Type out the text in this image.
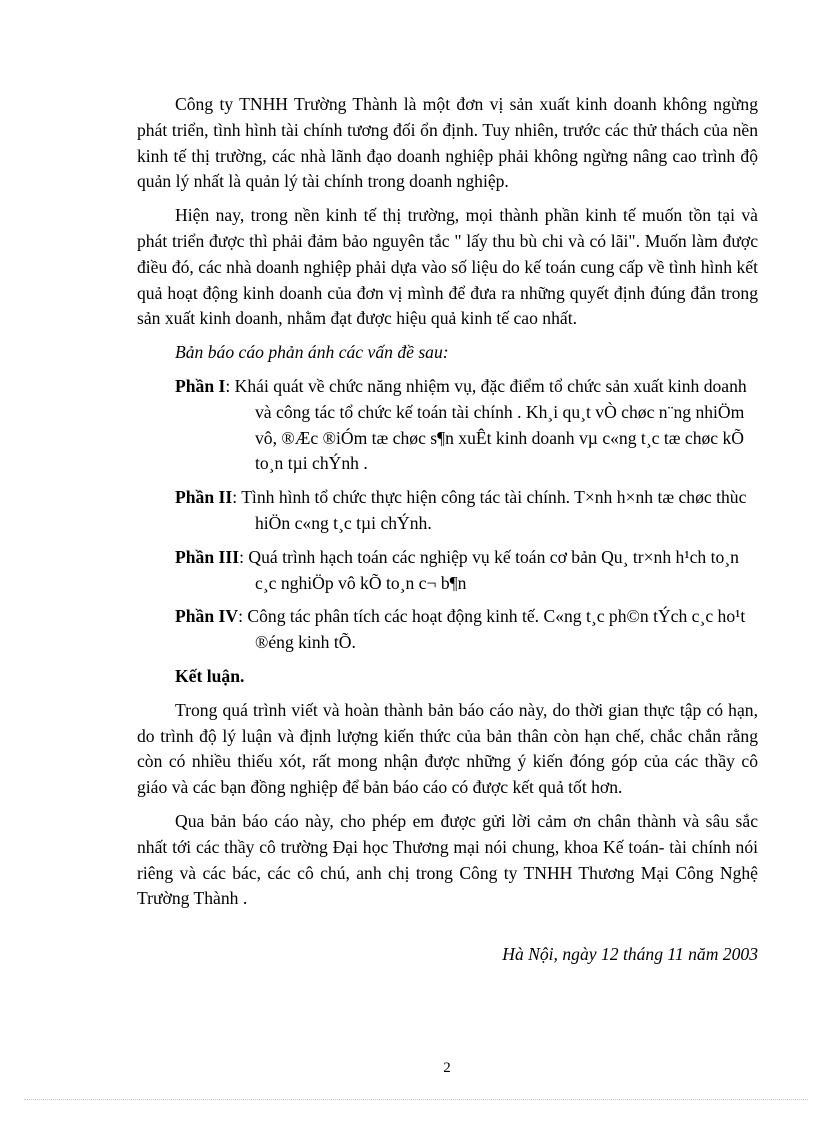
Công ty TNHH Trường Thành là một đơn vị sản xuất kinh doanh không ngừng phát triển, tình hình tài chính tương đối ổn định. Tuy nhiên, trước các thử thách của nền kinh tế thị trường, các nhà lãnh đạo doanh nghiệp phải không ngừng nâng cao trình độ quản lý nhất là quản lý tài chính trong doanh nghiệp.

Hiện nay, trong nền kinh tế thị trường, mọi thành phần kinh tế muốn tồn tại và phát triển được thì phải đảm bảo nguyên tắc " lấy thu bù chi và có lãi". Muốn làm được điều đó, các nhà doanh nghiệp phải dựa vào số liệu do kế toán cung cấp về tình hình kết quả hoạt động kinh doanh của đơn vị mình để đưa ra những quyết định đúng đắn trong sản xuất kinh doanh, nhằm đạt được hiệu quả kinh tế cao nhất.

Bản báo cáo phản ánh các vấn đề sau:

Phần I: Khái quát về chức năng nhiệm vụ, đặc điểm tổ chức sản xuất kinh doanh và công tác tổ chức kế toán tài chính . Kh¸i qu¸t vÒ chøc n¨ng nhiÖm vô, ®Æc ®iÓm tæ chøc s¶n xuÊt kinh doanh vµ c«ng t¸c tæ chøc kÕ to¸n tµi chÝnh .
Phần II: Tình hình tổ chức thực hiện công tác tài chính. T×nh h×nh tæ chøc thùc hiÖn c«ng t¸c tµi chÝnh.
Phần III: Quá trình hạch toán các nghiệp vụ kế toán cơ bản Qu¸ tr×nh h¹ch to¸n c¸c nghiÖp vô kÕ to¸n c¬ b¶n
Phần IV: Công tác phân tích các hoạt động kinh tế. C«ng t¸c ph©n tÝch c¸c ho¹t ®éng kinh tÕ.
Kết luận.

Trong quá trình viết và hoàn thành bản báo cáo này, do thời gian thực tập có hạn, do trình độ lý luận và định lượng kiến thức của bản thân còn hạn chế, chắc chắn rằng còn có nhiều thiếu xót, rất mong nhận được những ý kiến đóng góp của các thầy cô giáo và các bạn đồng nghiệp để bản báo cáo có được kết quả tốt hơn.

Qua bản báo cáo này, cho phép em được gửi lời cảm ơn chân thành và sâu sắc nhất tới các thầy cô trường Đại học Thương mại nói chung, khoa Kế toán- tài chính nói riêng và các bác, các cô chú, anh chị trong Công ty TNHH Thương Mại Công Nghệ Trường Thành .

Hà Nội, ngày 12 tháng 11 năm 2003
2
